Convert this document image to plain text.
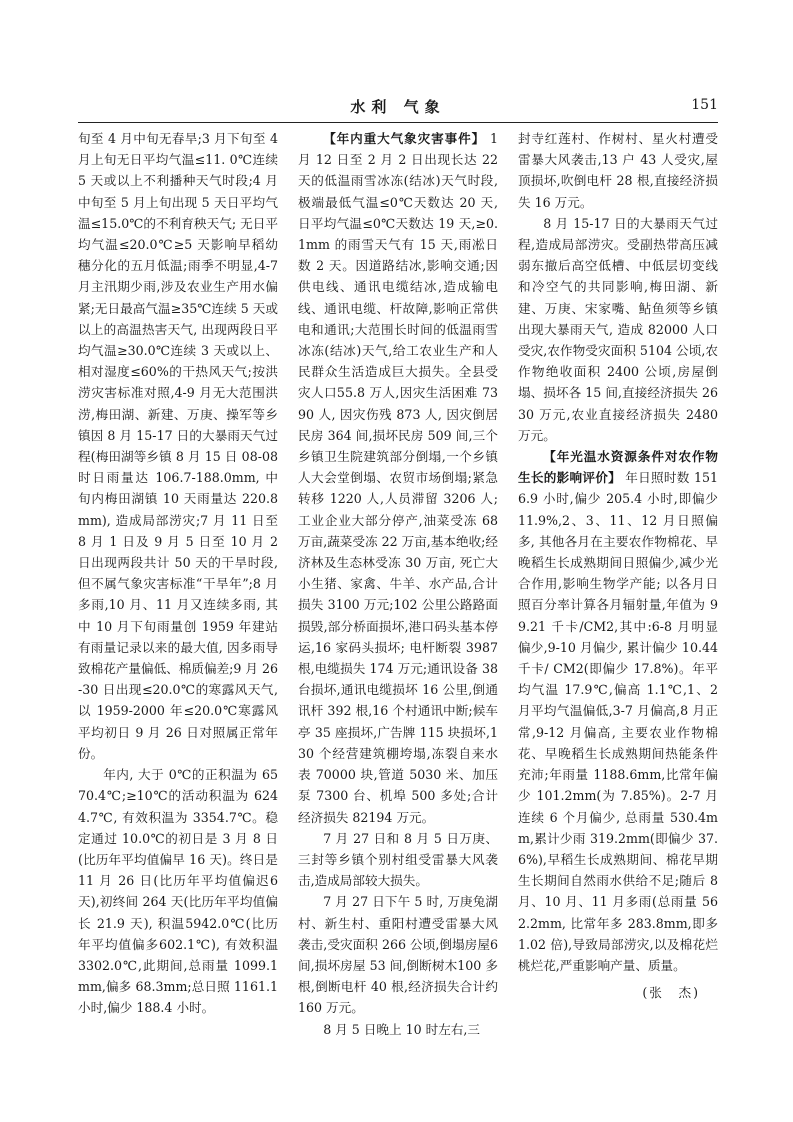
水利 气象	151

旬至 4 月中旬无春旱;3 月下旬至 4 月上旬无日平均气温≤11. 0℃连续 5 天或以上不利播种天气时段;4 月中旬至 5 月上旬出现 5 天日平均气温≤15.0℃的不利育秧天气; 无日平均气温≤20.0℃≥5 天影响早稻幼穗分化的五月低温;雨季不明显,4-7 月主汛期少雨,涉及农业生产用水偏紧;无日最高气温≥35℃连续 5 天或以上的高温热害天气, 出现两段日平均气温≥30.0℃连续 3 天或以上、相对湿度≤60%的干热风天气;按洪涝灾害标准对照,4-9 月无大范围洪涝,梅田湖、新建、万庚、操军等乡镇因 8 月 15-17 日的大暴雨天气过程(梅田湖等乡镇 8 月 15 日 08-08 时日雨量达 106.7-188.0mm, 中旬内梅田湖镇 10 天雨量达 220.8mm), 造成局部涝灾;7 月 11 日至 8 月 1 日及 9 月 5 日至 10 月 2 日出现两段共计 50 天的干旱时段, 但不属气象灾害标准“干旱年”;8 月多雨,10 月、11 月又连续多雨, 其中 10 月下旬雨量创 1959 年建站有雨量记录以来的最大值, 因多雨导致棉花产量偏低、棉质偏差;9 月 26-30 日出现≤20.0℃的寒露风天气,以 1959-2000 年≤20.0℃寒露风平均初日 9 月 26 日对照属正常年份。

年内, 大于 0℃的正积温为 6570.4℃;≥10℃的活动积温为 6244.7℃, 有效积温为 3354.7℃。稳定通过 10.0℃的初日是 3 月 8 日(比历年平均值偏早 16 天)。终日是 11 月 26 日(比历年平均值偏迟6 天),初终间 264 天(比历年平均值偏长 21.9 天), 积温5942.0℃(比历年平均值偏多602.1℃), 有效积温 3302.0℃,此期间,总雨量 1099.1mm,偏多 68.3mm;总日照 1161.1 小时,偏少 188.4 小时。

【年内重大气象灾害事件】 1 月 12 日至 2 月 2 日出现长达 22 天的低温雨雪冰冻(结冰)天气时段,极端最低气温≤0℃天数达 20 天, 日平均气温≤0℃天数达 19 天,≥0.1mm 的雨雪天气有 15 天,雨凇日数 2 天。因道路结冰,影响交通;因供电线、通讯电缆结冰,造成输电线、通讯电缆、杆故障,影响正常供电和通讯;大范围长时间的低温雨雪冰冻(结冰)天气,给工农业生产和人民群众生活造成巨大损失。全县受灾人口55.8 万人,因灾生活困难 7390 人, 因灾伤残 873 人, 因灾倒居民房 364 间,损坏民房 509 间,三个乡镇卫生院建筑部分倒塌,一个乡镇人大会堂倒塌、农贸市场倒塌;紧急转移 1220 人,人员滞留 3206 人;工业企业大部分停产,油菜受冻 68 万亩,蔬菜受冻 22 万亩,基本绝收;经济林及生态林受冻 30 万亩, 死亡大小生猪、家禽、牛羊、水产品,合计损失 3100 万元;102 公里公路路面损毁,部分桥面损坏,港口码头基本停运,16 家码头损坏; 电杆断裂 3987 根,电缆损失 174 万元;通讯设备 38 台损坏,通讯电缆损坏 16 公里,倒通讯杆 392 根,16 个村通讯中断;候车亭 35 座损坏,广告牌 115 块损坏,130 个经营建筑棚垮塌,冻裂自来水表 70000 块,管道 5030 米、加压泵 7300 台、机埠 500 多处;合计经济损失 82194 万元。

7 月 27 日和 8 月 5 日万庚、三封等乡镇个别村组受雷暴大风袭击,造成局部较大损失。

7 月 27 日下午 5 时, 万庚兔湖村、新生村、重阳村遭受雷暴大风袭击,受灾面积 266 公顷,倒塌房屋6 间,损坏房屋 53 间,倒断树木100 多根,倒断电杆 40 根,经济损失合计约 160 万元。

8 月 5 日晚上 10 时左右,三

封寺红莲村、作树村、星火村遭受雷暴大风袭击,13 户 43 人受灾,屋顶损坏,吹倒电杆 28 根,直接经济损失 16 万元。

8 月 15-17 日的大暴雨天气过程,造成局部涝灾。受副热带高压减弱东撤后高空低槽、中低层切变线和冷空气的共同影响,梅田湖、新建、万庚、宋家嘴、鲇鱼须等乡镇出现大暴雨天气, 造成 82000 人口受灾,农作物受灾面积 5104 公顷,农作物绝收面积 2400 公顷,房屋倒塌、损坏各 15 间,直接经济损失 2630 万元,农业直接经济损失 2480 万元。

【年光温水资源条件对农作物生长的影响评价】 年日照时数 1516.9 小时,偏少 205.4 小时,即偏少 11.9%,2、3、11、12 月日照偏多, 其他各月在主要农作物棉花、早晚稻生长成熟期间日照偏少,减少光合作用,影响生物学产能; 以各月日照百分率计算各月辐射量,年值为 99.21 千卡/CM2,其中:6-8 月明显偏少,9-10 月偏少, 累计偏少 10.44 千卡/ CM2(即偏少 17.8%)。年平均气温 17.9℃,偏高 1.1℃,1、2 月平均气温偏低,3-7 月偏高,8 月正常,9-12 月偏高, 主要农业作物棉花、早晚稻生长成熟期间热能条件充沛;年雨量 1188.6mm,比常年偏少 101.2mm(为 7.85%)。2-7 月连续 6 个月偏少, 总雨量 530.4mm,累计少雨 319.2mm(即偏少 37.6%),早稻生长成熟期间、棉花早期生长期间自然雨水供给不足;随后 8 月、10 月、11 月多雨(总雨量 562.2mm, 比常年多 283.8mm,即多 1.02 倍),导致局部涝灾,以及棉花烂桃烂花,严重影响产量、质量。

(张　杰)
